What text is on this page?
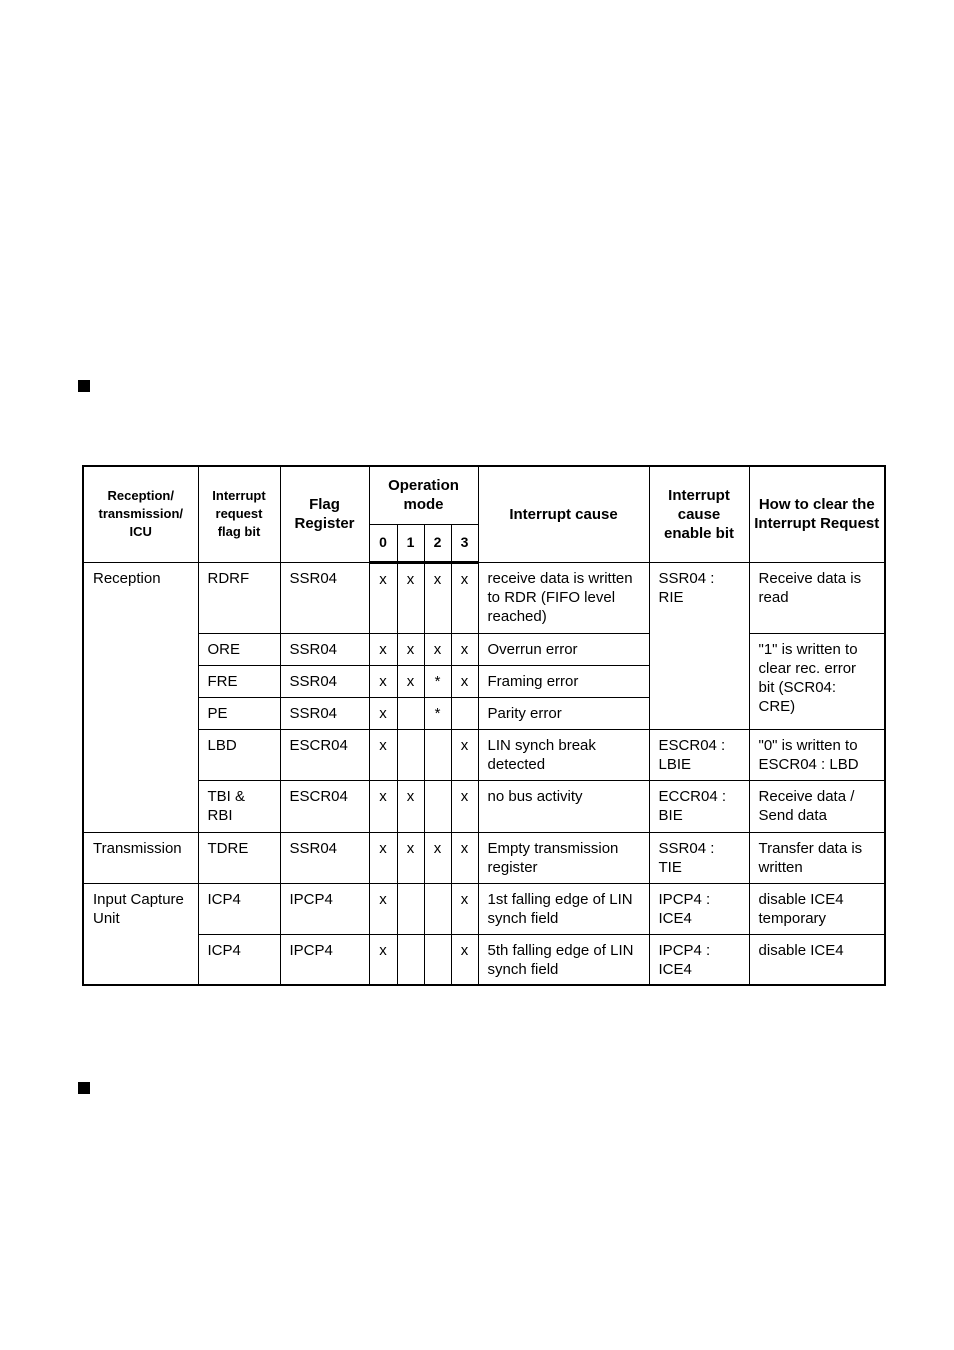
Reception/ transmission/ ICU	Interrupt request flag bit	Flag Register	Operation mode				Interrupt cause	Interrupt cause enable bit	How to clear the Interrupt Request
			0	1	2	3			
Reception	RDRF	SSR04	x	x	x	x	receive data is written to RDR (FIFO level reached)	SSR04 : RIE	Receive data is read
	ORE	SSR04	x	x	x	x	Overrun error		"1" is written to clear rec. error bit (SCR04: CRE)
	FRE	SSR04	x	x	*	x	Framing error		
	PE	SSR04	x		*		Parity error		
	LBD	ESCR04	x			x	LIN synch break detected	ESCR04 : LBIE	"0" is written to ESCR04 : LBD
	TBI & RBI	ESCR04	x	x		x	no bus activity	ECCR04 : BIE	Receive data / Send data
Transmission	TDRE	SSR04	x	x	x	x	Empty transmission register	SSR04 : TIE	Transfer data is written
Input Capture Unit	ICP4	IPCP4	x			x	1st falling edge of LIN synch field	IPCP4 : ICE4	disable ICE4 temporary
	ICP4	IPCP4	x			x	5th falling edge of LIN synch field	IPCP4 : ICE4	disable ICE4
